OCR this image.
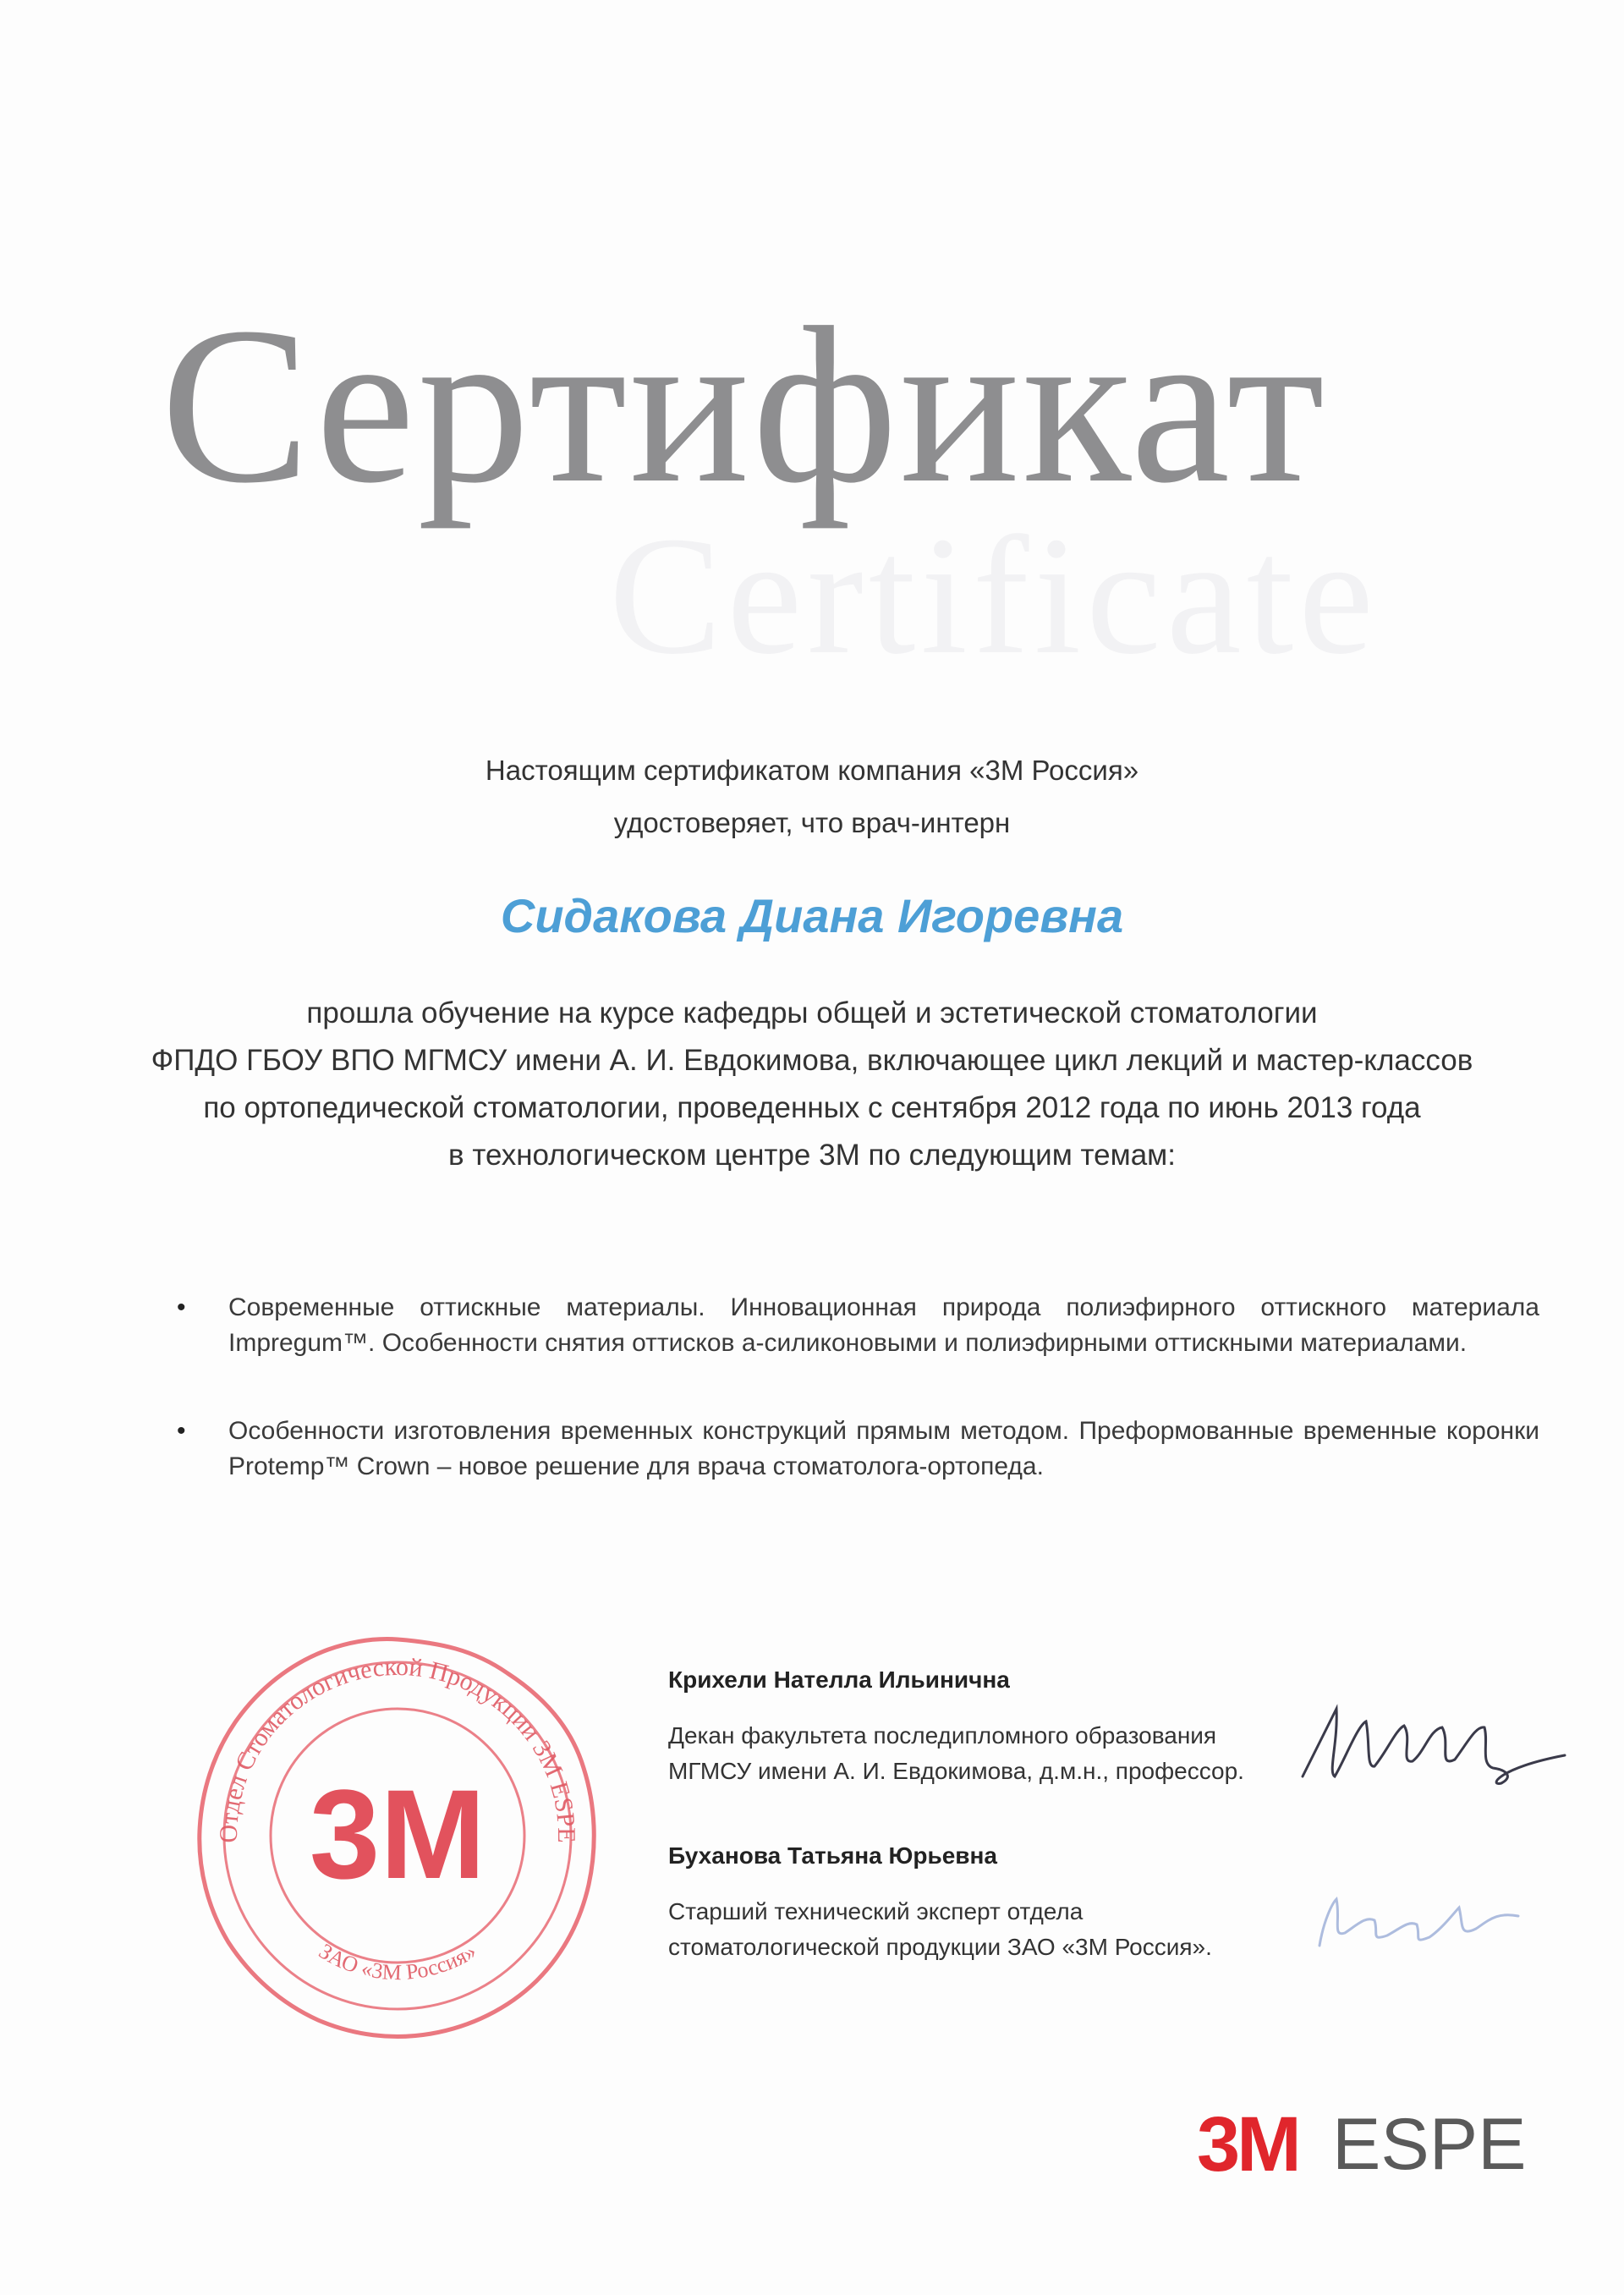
Certificate
Сертификат
Настоящим сертификатом компания «3М Россия»
удостоверяет, что врач-интерн
Сидакова Диана Игоревна
прошла обучение на курсе кафедры общей и эстетической стоматологии
ФПДО ГБОУ ВПО МГМСУ имени А. И. Евдокимова, включающее цикл лекций и мастер-классов
по ортопедической стоматологии, проведенных с сентября 2012 года по июнь 2013 года
в технологическом центре 3М по следующим темам:
• Современные оттискные материалы. Инновационная природа полиэфирного оттискного материала Impregum™. Особенности снятия оттисков а-силиконовыми и полиэфирными оттискными материалами.
• Особенности изготовления временных конструкций прямым методом. Преформованные временные коронки Protemp™ Crown – новое решение для врача стоматолога-ортопеда.
Отдел Стоматологической Продукции 3М ESPE
ЗАО «3М Россия»
3M
Крихели Нателла Ильинична
Декан факультета последипломного образования
МГМСУ имени А. И. Евдокимова, д.м.н., профессор.
Буханова Татьяна Юрьевна
Старший технический эксперт отдела
стоматологической продукции ЗАО «3М Россия».
3M ESPE
